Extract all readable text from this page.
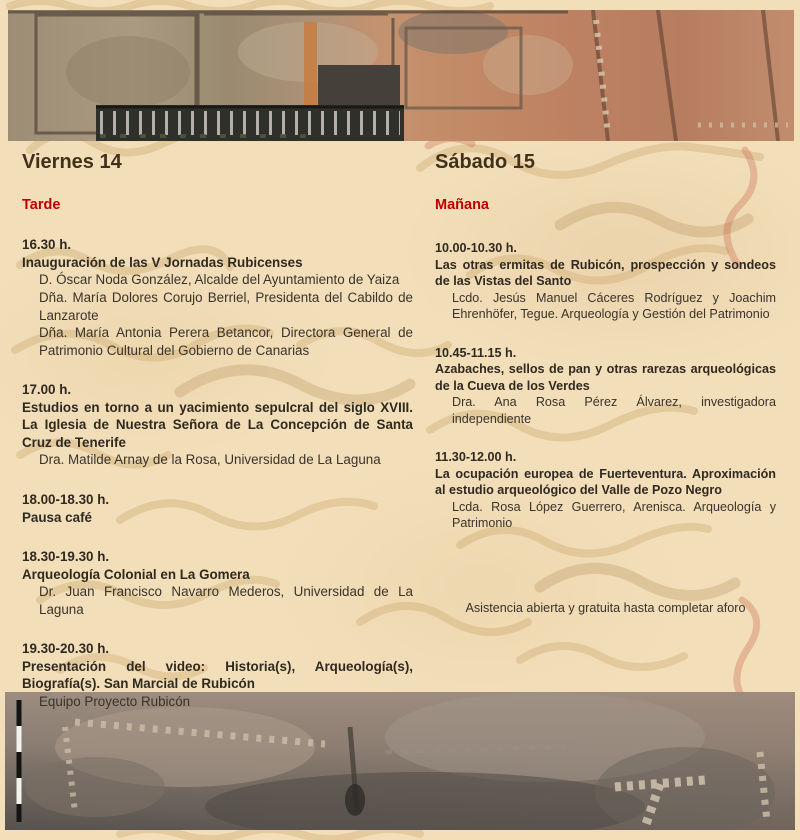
Viernes 14

Tarde

16.30 h.

Inauguración de las V Jornadas Rubicenses

D. Óscar Noda González, Alcalde del Ayuntamiento de Yaiza

Dña. María Dolores Corujo Berriel, Presidenta del Cabildo de Lanzarote

Dña. María Antonia Perera Betancor, Directora General de Patrimonio Cultural del Gobierno de Canarias

17.00 h.

Estudios en torno a un yacimiento sepulcral del siglo XVIII. La Iglesia de Nuestra Señora de La Concepción de Santa Cruz de Tenerife

Dra. Matilde Arnay de la Rosa, Universidad de La Laguna

18.00-18.30 h.

Pausa café

18.30-19.30 h.

Arqueología Colonial en La Gomera

Dr. Juan Francisco Navarro Mederos, Universidad de La Laguna

19.30-20.30 h.

Presentación del video: Historia(s), Arqueología(s), Biografía(s). San Marcial de Rubicón

Equipo Proyecto Rubicón

Sábado 15

Mañana

10.00-10.30 h.

Las otras ermitas de Rubicón, prospección y sondeos de las Vistas del Santo

Lcdo. Jesús Manuel Cáceres Rodríguez y Joachim Ehrenhöfer, Tegue. Arqueología y Gestión del Patrimonio

10.45-11.15 h.

Azabaches, sellos de pan y otras rarezas arqueológicas de la Cueva de los Verdes

Dra. Ana Rosa Pérez Álvarez, investigadora independiente

11.30-12.00 h.

La ocupación europea de Fuerteventura. Aproximación al estudio arqueológico del Valle de Pozo Negro

Lcda. Rosa López Guerrero, Arenisca. Arqueología y Patrimonio

Asistencia abierta y gratuita hasta completar aforo
